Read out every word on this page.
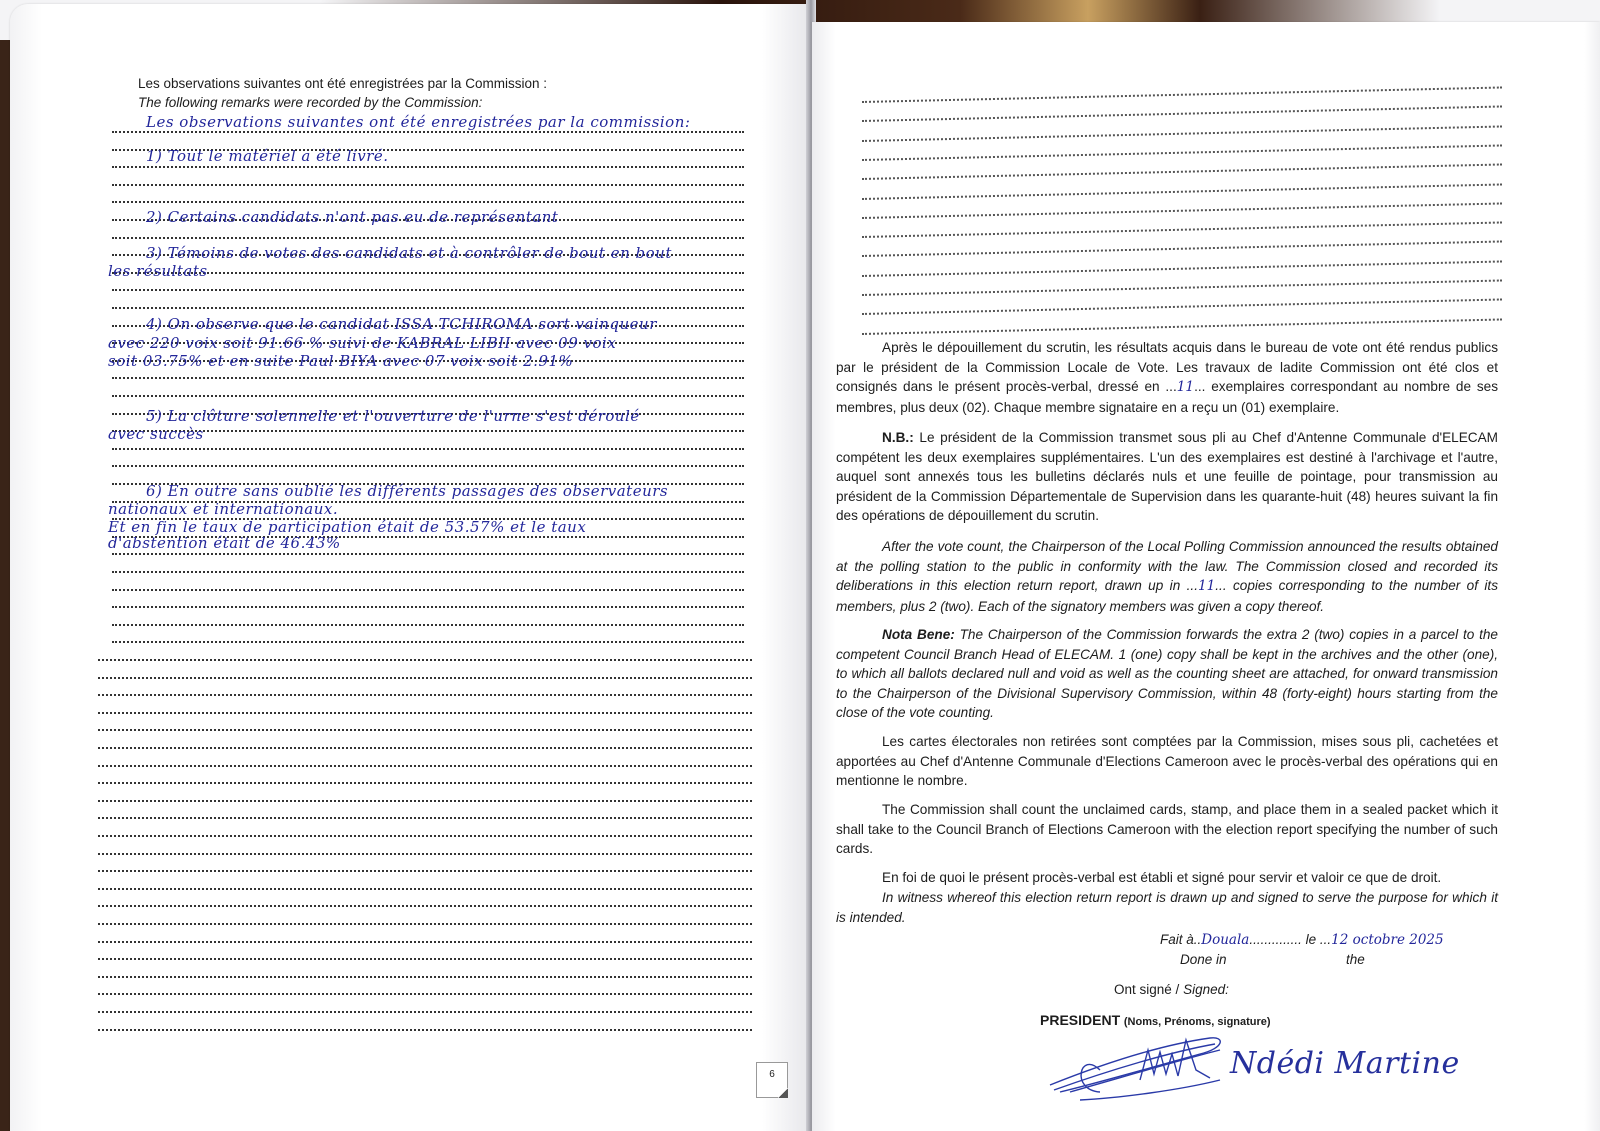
Les observations suivantes ont été enregistrées par la Commission :
The following remarks were recorded by the Commission:
Les observations suivantes ont été enregistrées par la commission:
1) Tout le matériel a été livré.
2) Certains candidats n'ont pas eu de représentant
3) Témoins de votes des candidats et à contrôler de bout en bout
les résultats
4) On observe que le candidat ISSA TCHIROMA sort vainqueur
avec 220 voix soit 91.66 % suivi de KABRAL LIBII avec 09 voix
soit 03.75% et en suite Paul BIYA avec 07 voix soit 2.91%
5) La clôture solennelle et l'ouverture de l'urne s'est déroulé
avec succès
6) En outre sans oublié les différents passages des observateurs
nationaux et internationaux.
Et en fin le taux de participation était de 53.57% et le taux
d'abstention était de 46.43%
6
Après le dépouillement du scrutin, les résultats acquis dans le bureau de vote ont été rendus publics par le président de la Commission Locale de Vote. Les travaux de ladite Commission ont été clos et consignés dans le présent procès-verbal, dressé en ...11... exemplaires correspondant au nombre de ses membres, plus deux (02). Chaque membre signataire en a reçu un (01) exemplaire.
N.B.: Le président de la Commission transmet sous pli au Chef d'Antenne Communale d'ELECAM compétent les deux exemplaires supplémentaires. L'un des exemplaires est destiné à l'archivage et l'autre, auquel sont annexés tous les bulletins déclarés nuls et une feuille de pointage, pour transmission au président de la Commission Départementale de Supervision dans les quarante-huit (48) heures suivant la fin des opérations de dépouillement du scrutin.
After the vote count, the Chairperson of the Local Polling Commission announced the results obtained at the polling station to the public in conformity with the law. The Commission closed and recorded its deliberations in this election return report, drawn up in ...11... copies corresponding to the number of its members, plus 2 (two). Each of the signatory members was given a copy thereof.
Nota Bene: The Chairperson of the Commission forwards the extra 2 (two) copies in a parcel to the competent Council Branch Head of ELECAM. 1 (one) copy shall be kept in the archives and the other (one), to which all ballots declared null and void as well as the counting sheet are attached, for onward transmission to the Chairperson of the Divisional Supervisory Commission, within 48 (forty-eight) hours starting from the close of the vote counting.
Les cartes électorales non retirées sont comptées par la Commission, mises sous pli, cachetées et apportées au Chef d'Antenne Communale d'Elections Cameroon avec le procès-verbal des opérations qui en mentionne le nombre.
The Commission shall count the unclaimed cards, stamp, and place them in a sealed packet which it shall take to the Council Branch of Elections Cameroon with the election report specifying the number of such cards.
En foi de quoi le présent procès-verbal est établi et signé pour servir et valoir ce que de droit.
In witness whereof this election return report is drawn up and signed to serve the purpose for which it is intended.
Fait à..Douala.............. le ...12 octobre 2025
Done in	the
Ont signé / Signed:
PRESIDENT (Noms, Prénoms, signature)
Ndédi Martine
